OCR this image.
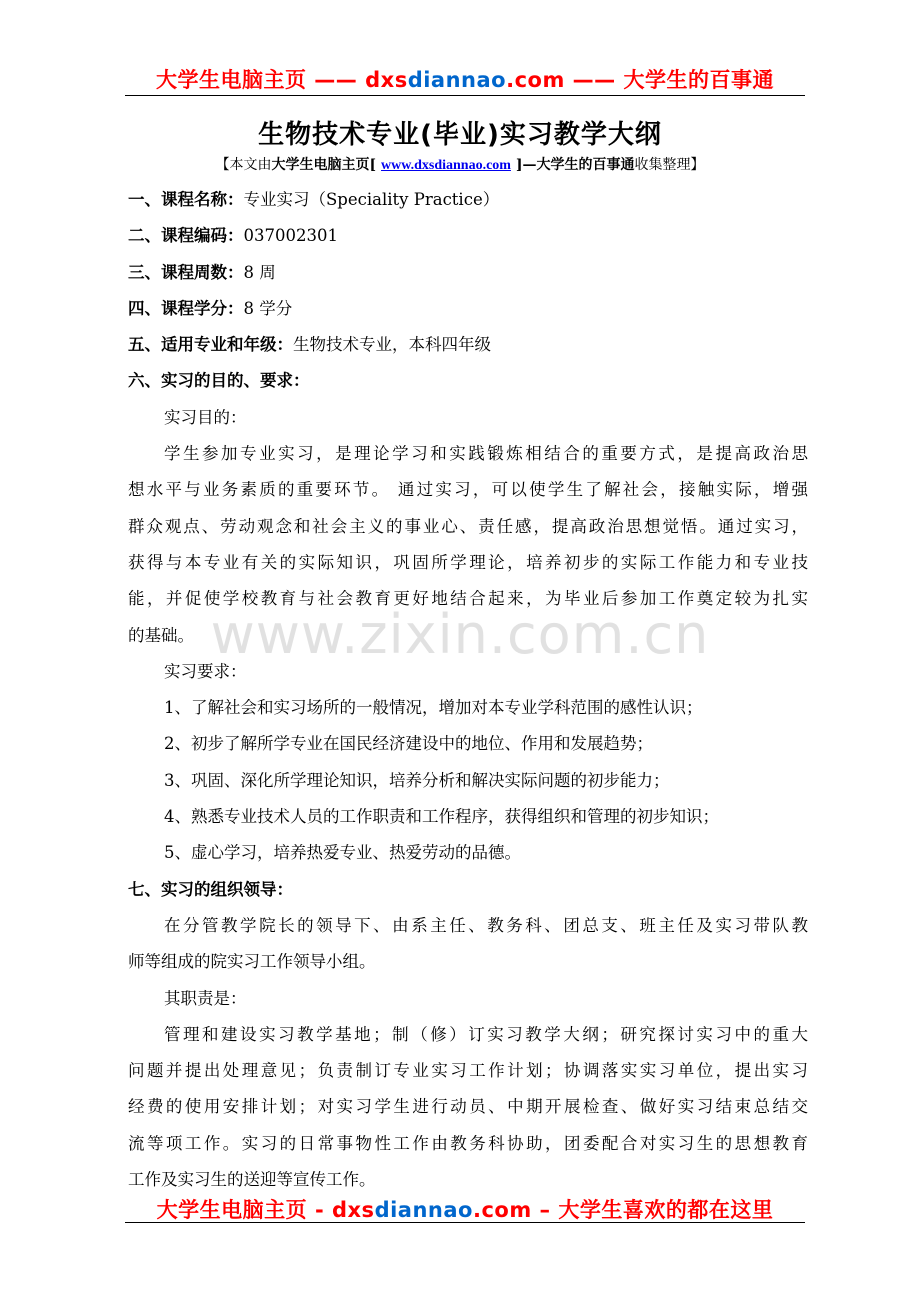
大学生电脑主页 —— dxsdiannao.com —— 大学生的百事通
生物技术专业(毕业)实习教学大纲
【本文由大学生电脑主页[ www.dxsdiannao.com ]—大学生的百事通收集整理】
一、课程名称：专业实习（Speciality Practice）
二、课程编码：037002301
三、课程周数：8 周
四、课程学分：8 学分
五、适用专业和年级：生物技术专业，本科四年级
六、实习的目的、要求：
实习目的：
学生参加专业实习，是理论学习和实践锻炼相结合的重要方式，是提高政治思
想水平与业务素质的重要环节。 通过实习，可以使学生了解社会，接触实际，增强
群众观点、劳动观念和社会主义的事业心、责任感，提高政治思想觉悟。通过实习，
获得与本专业有关的实际知识，巩固所学理论，培养初步的实际工作能力和专业技
能，并促使学校教育与社会教育更好地结合起来，为毕业后参加工作奠定较为扎实
的基础。
实习要求：
1、了解社会和实习场所的一般情况，增加对本专业学科范围的感性认识；
2、初步了解所学专业在国民经济建设中的地位、作用和发展趋势；
3、巩固、深化所学理论知识，培养分析和解决实际问题的初步能力；
4、熟悉专业技术人员的工作职责和工作程序，获得组织和管理的初步知识；
5、虚心学习，培养热爱专业、热爱劳动的品德。
七、实习的组织领导：
在分管教学院长的领导下、由系主任、教务科、团总支、班主任及实习带队教
师等组成的院实习工作领导小组。
其职责是：
管理和建设实习教学基地；制（修）订实习教学大纲；研究探讨实习中的重大
问题并提出处理意见；负责制订专业实习工作计划；协调落实实习单位，提出实习
经费的使用安排计划；对实习学生进行动员、中期开展检查、做好实习结束总结交
流等项工作。实习的日常事物性工作由教务科协助，团委配合对实习生的思想教育
工作及实习生的送迎等宣传工作。
www.zixin.com.cn
大学生电脑主页 - dxsdiannao.com – 大学生喜欢的都在这里
